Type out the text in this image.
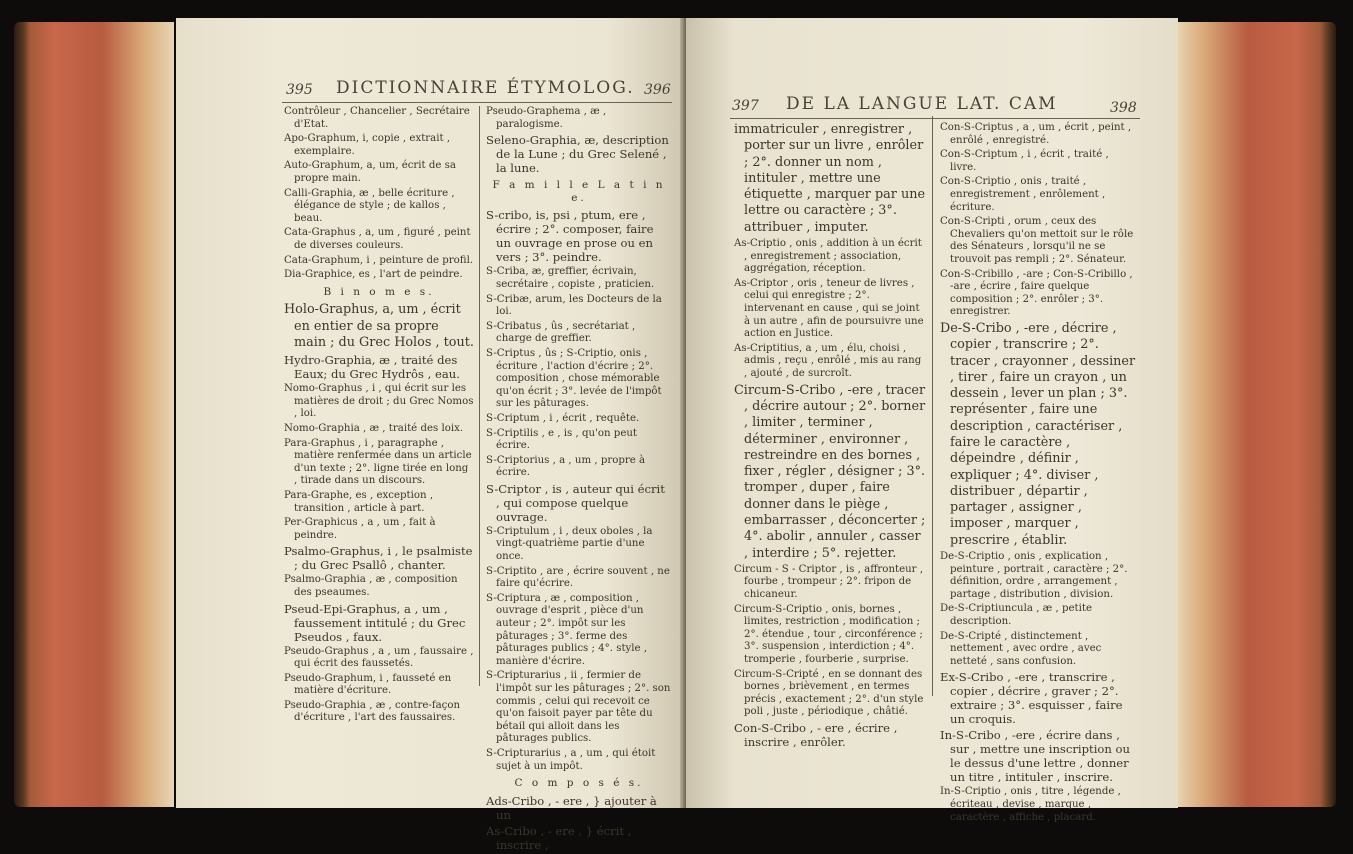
395 DICTIONNAIRE ÉTYMOLOG. 396

Contrôleur , Chancelier , Secrétaire d'Etat.

Apo-Graphum, i, copie , extrait , exemplaire.

Auto-Graphum, a, um, écrit de sa propre main.

Calli-Graphia, æ , belle écriture , élégance de style ; de kallos , beau.

Cata-Graphus , a, um , figuré , peint de diverses couleurs.

Cata-Graphum, i , peinture de profil.

Dia-Graphice, es , l'art de peindre.

B i n o m e s.

Holo-Graphus, a, um , écrit en entier de sa propre main ; du Grec Holos , tout.

Hydro-Graphia, æ , traité des Eaux; du Grec Hydrôs , eau.

Nomo-Graphus , i , qui écrit sur les matières de droit ; du Grec Nomos , loi.

Nomo-Graphia , æ , traité des loix.

Para-Graphus , i , paragraphe , matière renfermée dans un article d'un texte ; 2°. ligne tirée en long , tirade dans un discours.

Para-Graphe, es , exception , transition , article à part.

Per-Graphicus , a , um , fait à peindre.

Psalmo-Graphus, i , le psalmiste ; du Grec Psallô , chanter.

Psalmo-Graphia , æ , composition des pseaumes.

Pseud-Epi-Graphus, a , um , faussement intitulé ; du Grec Pseudos , faux.

Pseudo-Graphus , a , um , faussaire , qui écrit des faussetés.

Pseudo-Graphum, i , fausseté en matière d'écriture.

Pseudo-Graphia , æ , contre-façon d'écriture , l'art des faussaires.

Pseudo-Graphema , æ , paralogisme.

Seleno-Graphia, æ, description de la Lune ; du Grec Selené , la lune.

F a m i l l e L a t i n e.

S-cribo, is, psi , ptum, ere , écrire ; 2°. composer, faire un ouvrage en prose ou en vers ; 3°. peindre.

S-Criba, æ, greffier, écrivain, secrétaire , copiste , praticien.

S-Cribæ, arum, les Docteurs de la loi.

S-Cribatus , ûs , secrétariat , charge de greffier.

S-Criptus , ûs ; S-Criptio, onis , écriture , l'action d'écrire ; 2°. composition , chose mémorable qu'on écrit ; 3°. levée de l'impôt sur les pâturages.

S-Criptum , i , écrit , requête.

S-Criptilis , e , is , qu'on peut écrire.

S-Criptorius , a , um , propre à écrire.

S-Criptor , is , auteur qui écrit , qui compose quelque ouvrage.

S-Criptulum , i , deux oboles , la vingt-quatrième partie d'une once.

S-Criptito , are , écrire souvent , ne faire qu'écrire.

S-Criptura , æ , composition , ouvrage d'esprit , pièce d'un auteur ; 2°. impôt sur les pâturages ; 3°. ferme des pâturages publics ; 4°. style , manière d'écrire.

S-Cripturarius , ii , fermier de l'impôt sur les pâturages ; 2°. son commis , celui qui recevoit ce qu'on faisoit payer par tête du bétail qui alloit dans les pâturages publics.

S-Cripturarius , a , um , qui étoit sujet à un impôt.

C o m p o s é s.

Ads-Cribo , - ere , } ajouter à un

As-Cribo , - ere , } écrit , inscrire ,

397 DE LA LANGUE LAT. CAM	398

immatriculer , enregistrer , porter sur un livre , enrôler ; 2°. donner un nom , intituler , mettre une étiquette , marquer par une lettre ou caractère ; 3°. attribuer , imputer.

As-Criptio , onis , addition à un écrit , enregistrement ; association, aggrégation, réception.

As-Criptor , oris , teneur de livres , celui qui enregistre ; 2°. intervenant en cause , qui se joint à un autre , afin de poursuivre une action en Justice.

As-Criptitius, a , um , élu, choisi , admis , reçu , enrôlé , mis au rang , ajouté , de surcroît.

Circum-S-Cribo , -ere , tracer , décrire autour ; 2°. borner , limiter , terminer , déterminer , environner , restreindre en des bornes , fixer , régler , désigner ; 3°. tromper , duper , faire donner dans le piège , embarrasser , déconcerter ; 4°. abolir , annuler , casser , interdire ; 5°. rejetter.

Circum - S - Criptor , is , affronteur , fourbe , trompeur ; 2°. fripon de chicaneur.

Circum-S-Criptio , onis, bornes , limites, restriction , modification ; 2°. étendue , tour , circonférence ; 3°. suspension , interdiction ; 4°. tromperie , fourberie , surprise.

Circum-S-Cripté , en se donnant des bornes , brièvement , en termes précis , exactement ; 2°. d'un style poli , juste , périodique , châtié.

Con-S-Cribo , - ere , écrire , inscrire , enrôler.

Con-S-Criptus , a , um , écrit , peint , enrôlé , enregistré.

Con-S-Criptum , i , écrit , traité , livre.

Con-S-Criptio , onis , traité , enregistrement , enrôlement , écriture.

Con-S-Cripti , orum , ceux des Chevaliers qu'on mettoit sur le rôle des Sénateurs , lorsqu'il ne se trouvoit pas rempli ; 2°. Sénateur.

Con-S-Cribillo , -are ; Con-S-Cribillo , -are , écrire , faire quelque composition ; 2°. enrôler ; 3°. enregistrer.

De-S-Cribo , -ere , décrire , copier , transcrire ; 2°. tracer , crayonner , dessiner , tirer , faire un crayon , un dessein , lever un plan ; 3°. représenter , faire une description , caractériser , faire le caractère , dépeindre , définir , expliquer ; 4°. diviser , distribuer , départir , partager , assigner , imposer , marquer , prescrire , établir.

De-S-Criptio , onis , explication , peinture , portrait , caractère ; 2°. définition, ordre , arrangement , partage , distribution , division.

De-S-Criptiuncula , æ , petite description.

De-S-Cripté , distinctement , nettement , avec ordre , avec netteté , sans confusion.

Ex-S-Cribo , -ere , transcrire , copier , décrire , graver ; 2°. extraire ; 3°. esquisser , faire un croquis.

In-S-Cribo , -ere , écrire dans , sur , mettre une inscription ou le dessus d'une lettre , donner un titre , intituler , inscrire.

In-S-Criptio , onis , titre , légende , écriteau , devise , marque , caractère , affiche , placard.
